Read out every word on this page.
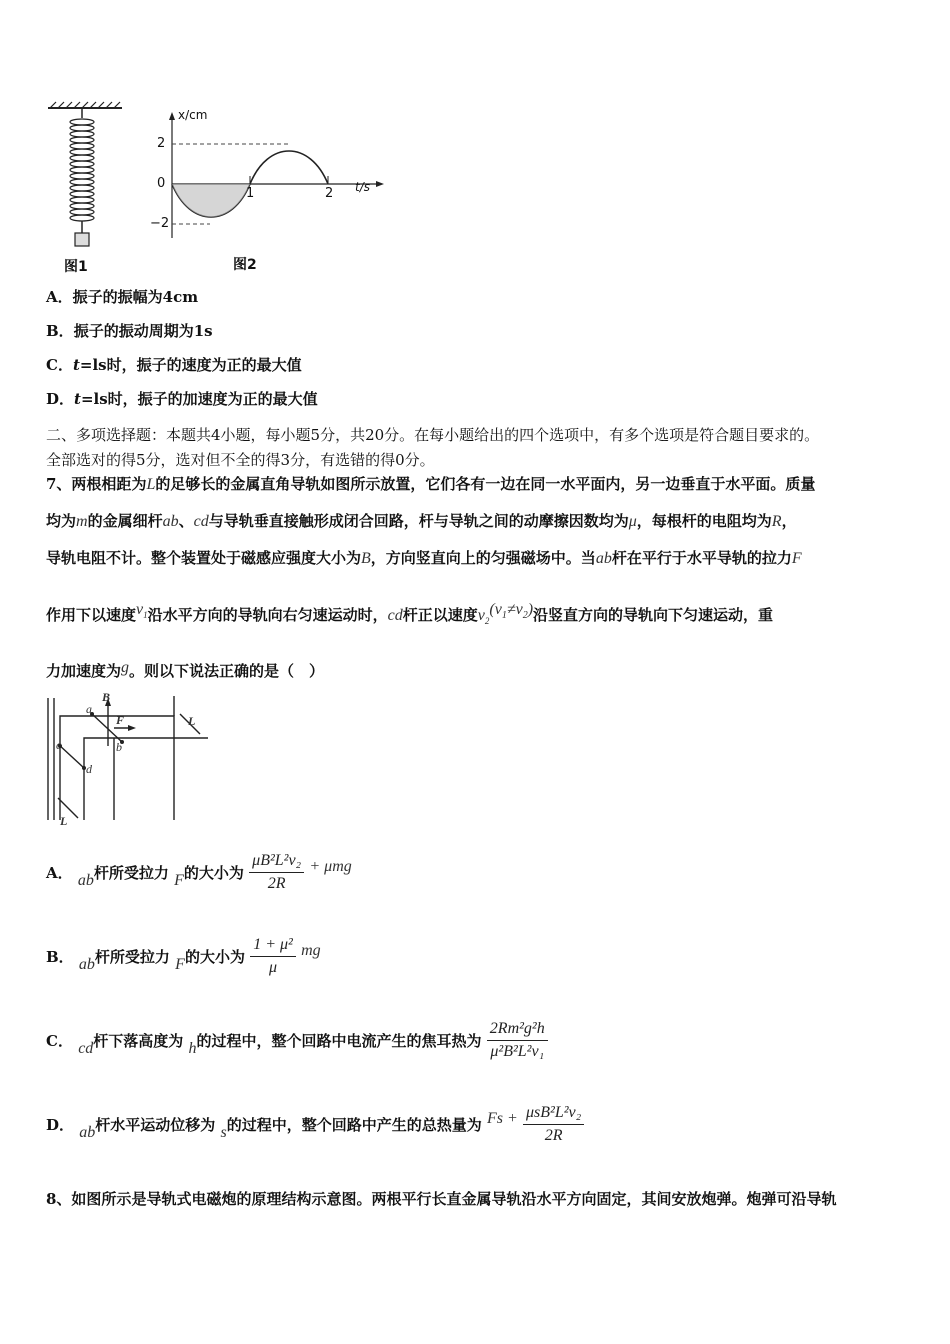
图1
x/cm
2
0
−2
1	2 t/s
图2
A．振子的振幅为4cm
B．振子的振动周期为1s
C．t=ls时，振子的速度为正的最大值
D．t=ls时，振子的加速度为正的最大值
二、多项选择题：本题共4小题，每小题5分，共20分。在每小题给出的四个选项中，有多个选项是符合题目要求的。
全部选对的得5分，选对但不全的得3分，有选错的得0分。
7、两根相距为L的足够长的金属直角导轨如图所示放置，它们各有一边在同一水平面内，另一边垂直于水平面。质量
均为m的金属细杆ab、cd与导轨垂直接触形成闭合回路，杆与导轨之间的动摩擦因数均为μ，每根杆的电阻均为R，
导轨电阻不计。整个装置处于磁感应强度大小为B，方向竖直向上的匀强磁场中。当ab杆在平行于水平导轨的拉力F
作用下以速度$v_1$沿水平方向的导轨向右匀速运动时，cd杆正以速度$v_2(v_1\ne v_2)$沿竖直方向的导轨向下匀速运动，重
力加速度为g。则以下说法正确的是（　）
B
a
F
b
c
d
L
L
A． ab杆所受拉力 F的大小为 $\frac{\text{μB²L²v₂}}{2R} + \mu mg$
B． ab杆所受拉力 F的大小为 $\frac{\text{1 + μ²}}{\mu}$ mg
C． cd杆下落高度为 h的过程中，整个回路中电流产生的焦耳热为 $\frac{\text{2Rm²g²h}}{\text{μ²B²L²v₁}}$
D． ab杆水平运动位移为 s的过程中，整个回路中产生的总热量为 $Fs + \frac{\text{μsB²L²v₂}}{2R}$
8、如图所示是导轨式电磁炮的原理结构示意图。两根平行长直金属导轨沿水平方向固定，其间安放炮弹。炮弹可沿导轨
